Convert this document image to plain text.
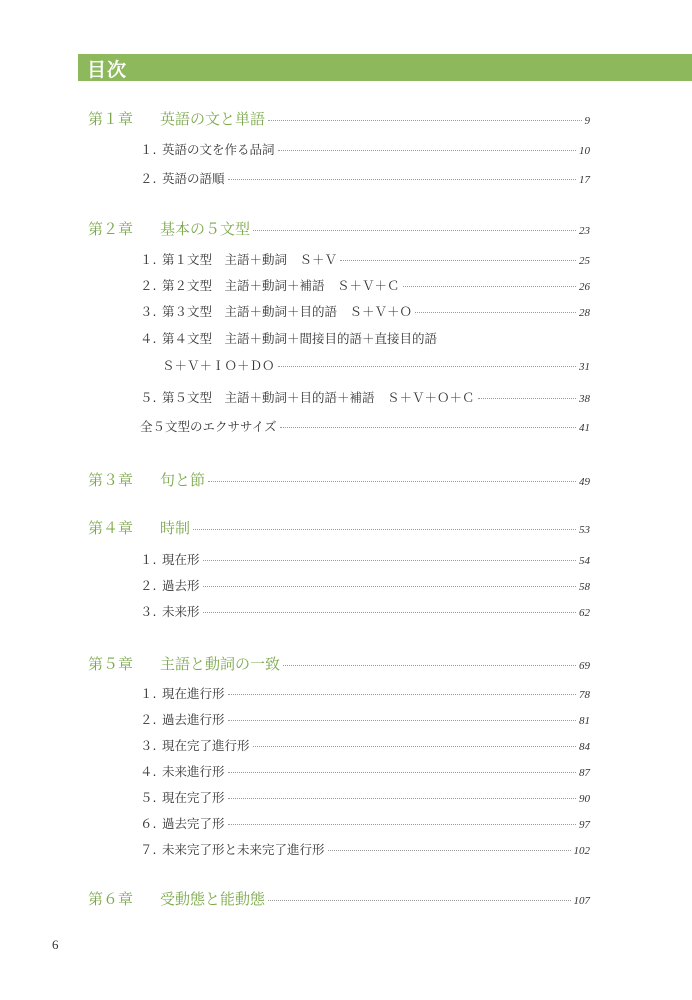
目次
第１章	英語の文と単語	9
１. 英語の文を作る品詞	10
２. 英語の語順	17
第２章	基本の５文型	23
１. 第１文型　主語＋動詞　Ｓ＋Ｖ	25
２. 第２文型　主語＋動詞＋補語　Ｓ＋Ｖ＋Ｃ	26
３. 第３文型　主語＋動詞＋目的語　Ｓ＋Ｖ＋Ｏ	28
４. 第４文型　主語＋動詞＋間接目的語＋直接目的語
Ｓ＋Ｖ＋ＩＯ＋ＤＯ	31
５. 第５文型　主語＋動詞＋目的語＋補語　Ｓ＋Ｖ＋Ｏ＋Ｃ	38
全５文型のエクササイズ	41
第３章	句と節	49
第４章	時制	53
１. 現在形	54
２. 過去形	58
３. 未来形	62
第５章	主語と動詞の一致	69
１. 現在進行形	78
２. 過去進行形	81
３. 現在完了進行形	84
４. 未来進行形	87
５. 現在完了形	90
６. 過去完了形	97
７. 未来完了形と未来完了進行形	102
第６章	受動態と能動態	107
6
